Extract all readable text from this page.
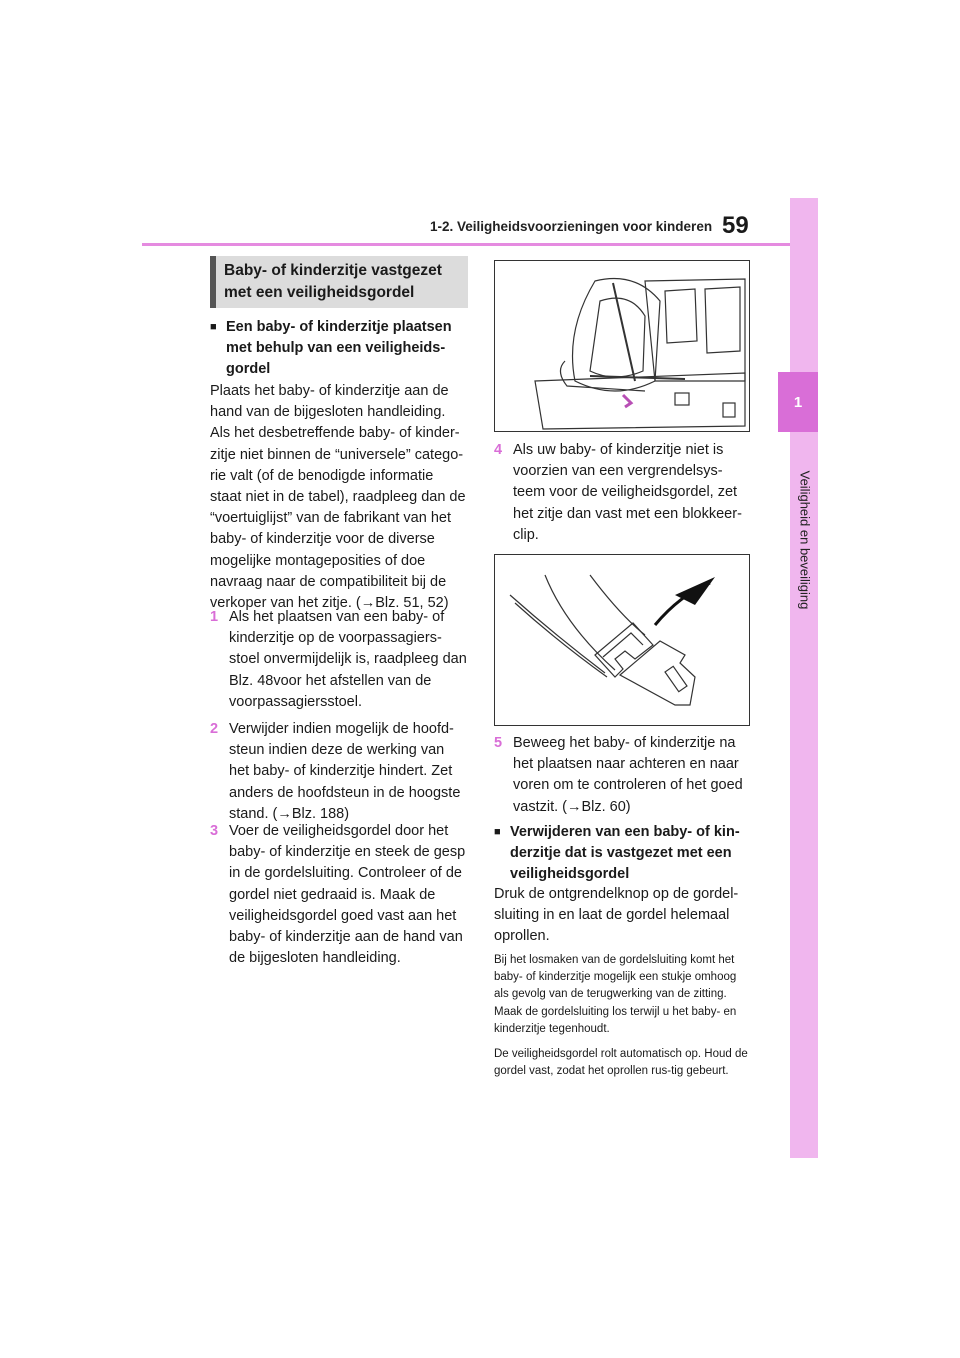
1-2. Veiligheidsvoorzieningen voor kinderen 59
1
Veiligheid en beveiliging
Baby- of kinderzitje vastgezet
met een veiligheidsgordel
■ Een baby- of kinderzitje plaatsen met behulp van een veiligheids-gordel
Plaats het baby- of kinderzitje aan de hand van de bijgesloten handleiding. Als het desbetreffende baby- of kinder-zitje niet binnen de “universele” catego-rie valt (of de benodigde informatie staat niet in de tabel), raadpleeg dan de “voertuiglijst” van de fabrikant van het baby- of kinderzitje voor de diverse mogelijke montageposities of doe navraag naar de compatibiliteit bij de verkoper van het zitje. (→Blz. 51, 52)
1 Als het plaatsen van een baby- of kinderzitje op de voorpassagiers-stoel onvermijdelijk is, raadpleeg dan Blz. 48voor het afstellen van de voorpassagiersstoel.
2 Verwijder indien mogelijk de hoofd-steun indien deze de werking van het baby- of kinderzitje hindert. Zet anders de hoofdsteun in de hoogste stand. (→Blz. 188)
3 Voer de veiligheidsgordel door het baby- of kinderzitje en steek de gesp in de gordelsluiting. Controleer of de gordel niet gedraaid is. Maak de veiligheidsgordel goed vast aan het baby- of kinderzitje aan de hand van de bijgesloten handleiding.
4 Als uw baby- of kinderzitje niet is voorzien van een vergrendelsys-teem voor de veiligheidsgordel, zet het zitje dan vast met een blokkeer-clip.
5 Beweeg het baby- of kinderzitje na het plaatsen naar achteren en naar voren om te controleren of het goed vastzit. (→Blz. 60)
■ Verwijderen van een baby- of kin-derzitje dat is vastgezet met een veiligheidsgordel
Druk de ontgrendelknop op de gordel-sluiting in en laat de gordel helemaal oprollen.
Bij het losmaken van de gordelsluiting komt het baby- of kinderzitje mogelijk een stukje omhoog als gevolg van de terugwerking van de zitting. Maak de gordelsluiting los terwijl u het baby- en kinderzitje tegenhoudt.
De veiligheidsgordel rolt automatisch op. Houd de gordel vast, zodat het oprollen rus-tig gebeurt.
